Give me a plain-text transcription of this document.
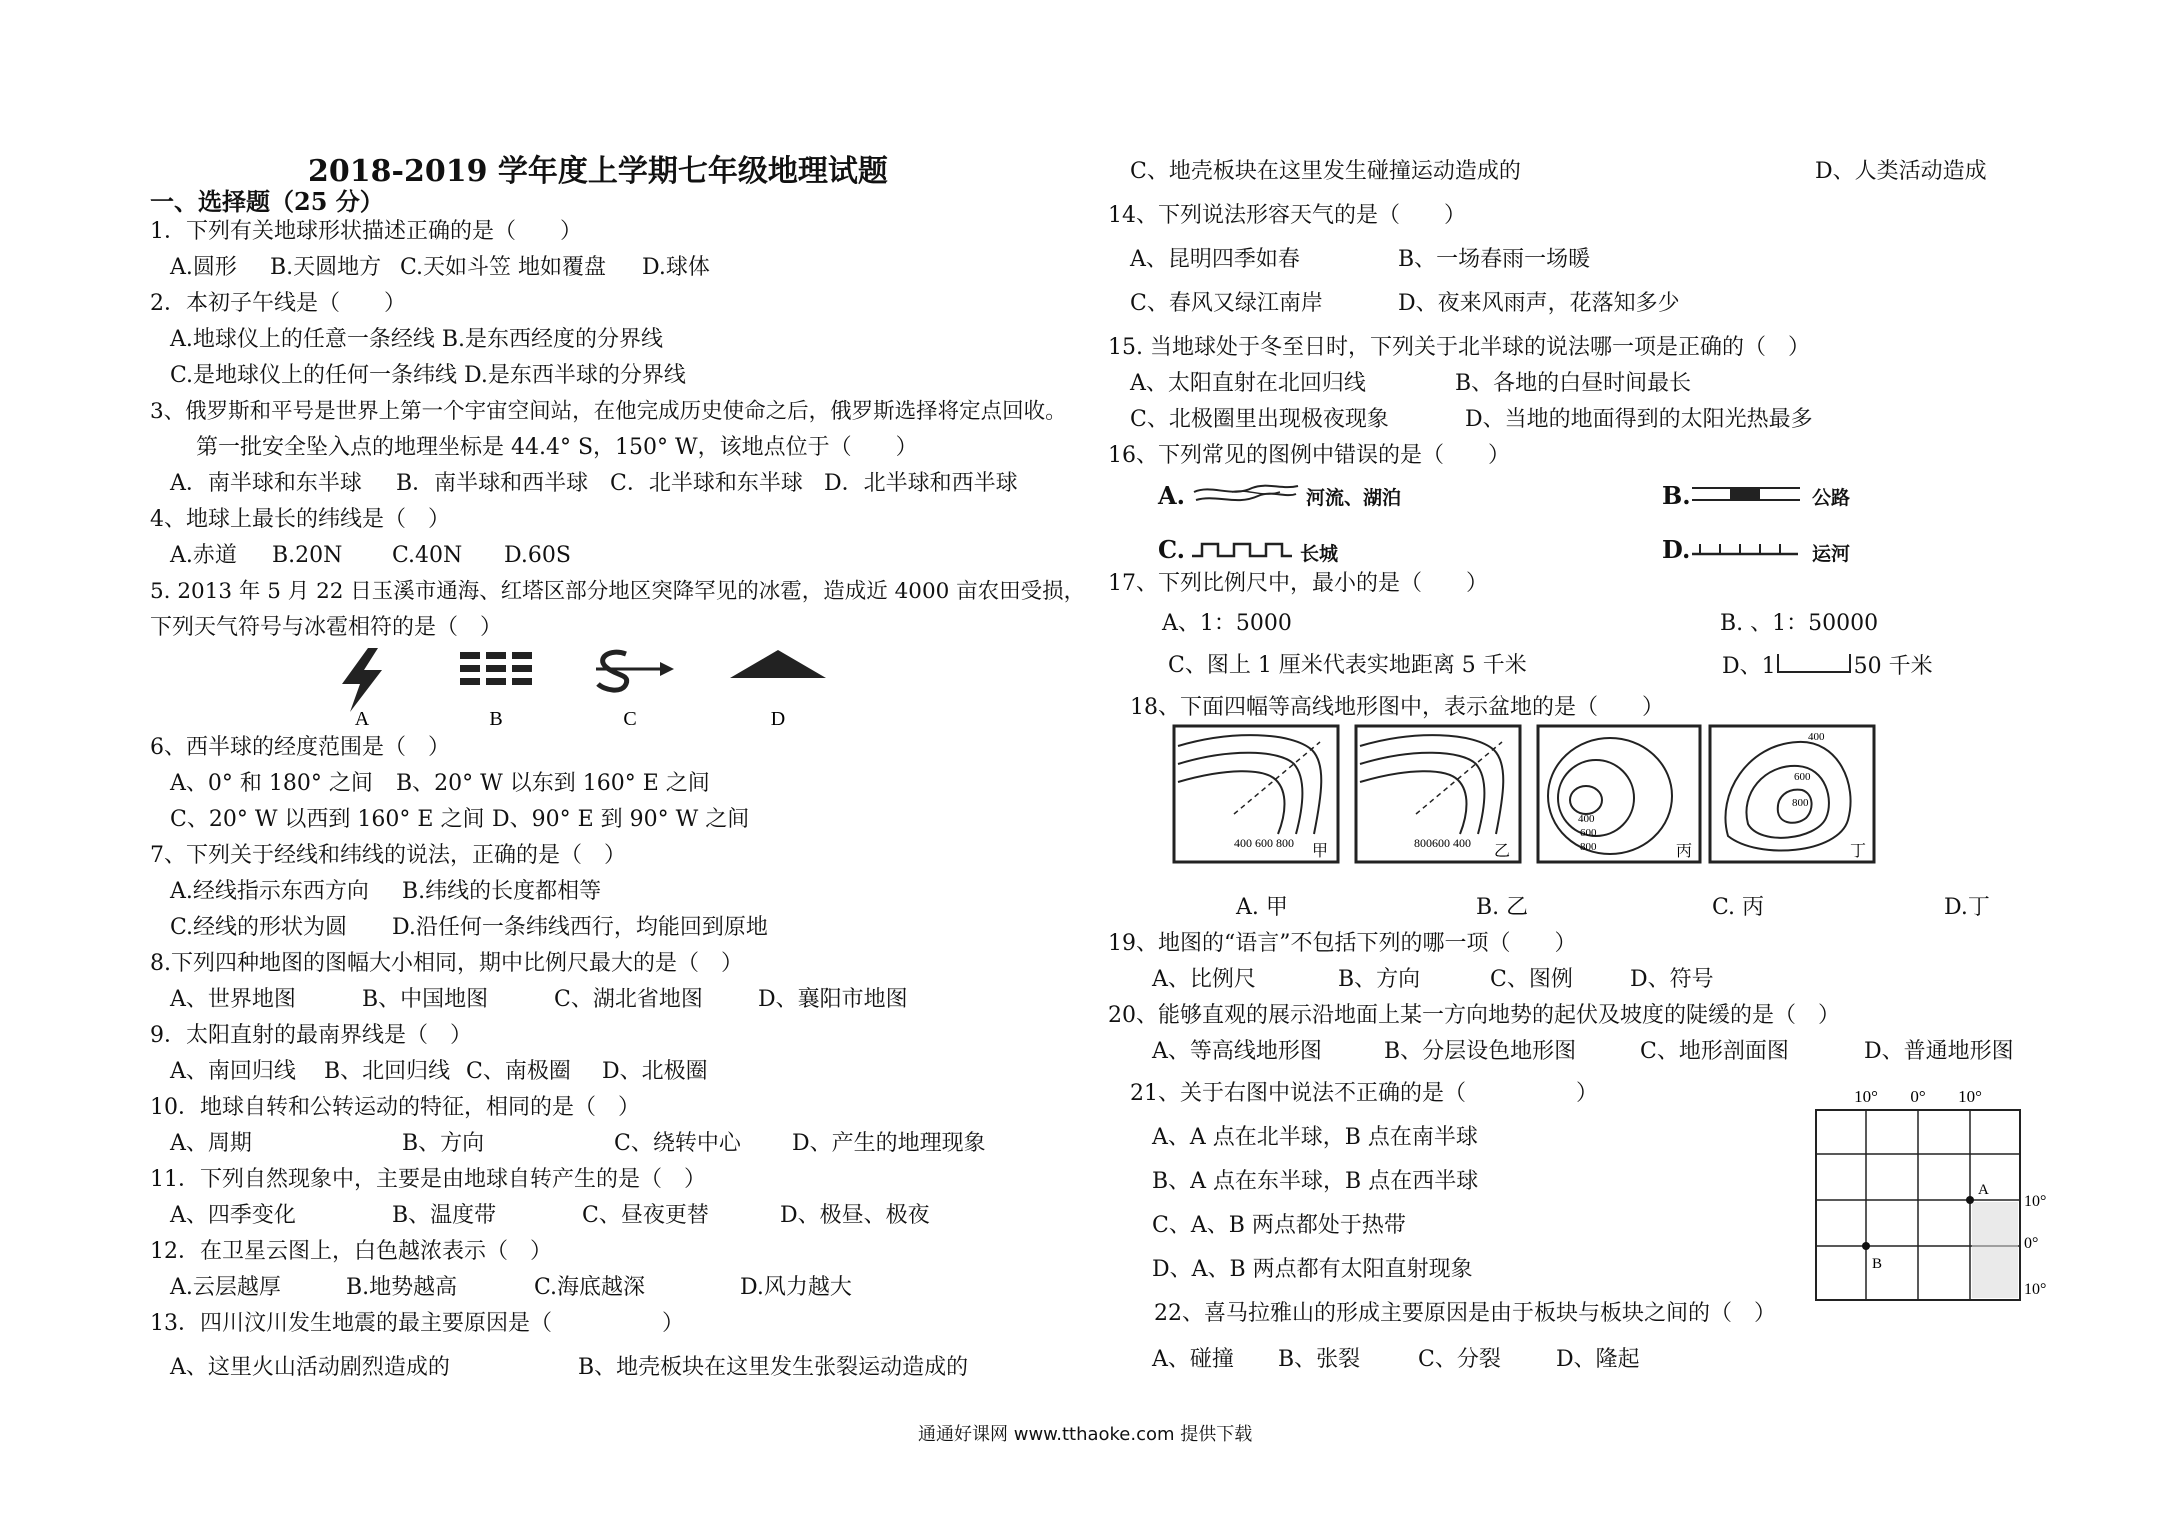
2018-2019 学年度上学期七年级地理试题
一、选择题（25 分）
1．下列有关地球形状描述正确的是（　　）
A.圆形 B.天圆地方 C.天如斗笠 地如覆盘 D.球体
2．本初子午线是（　　）
A.地球仪上的任意一条经线 B.是东西经度的分界线
C.是地球仪上的任何一条纬线 D.是东西半球的分界线
3、俄罗斯和平号是世界上第一个宇宙空间站，在他完成历史使命之后，俄罗斯选择将定点回收。
第一批安全坠入点的地理坐标是 44.4° S，150° W，该地点位于（　　）
A．南半球和东半球 B．南半球和西半球 C．北半球和东半球 D．北半球和西半球
4、地球上最长的纬线是（　）
A.赤道 B.20N C.40N D.60S
5. 2013 年 5 月 22 日玉溪市通海、红塔区部分地区突降罕见的冰雹，造成近 4000 亩农田受损，
下列天气符号与冰雹相符的是（　）
A	B	C	D
6、西半球的经度范围是（　）
A、0° 和 180° 之间 B、20° W 以东到 160° E 之间
C、20° W 以西到 160° E 之间 D、90° E 到 90° W 之间
7、下列关于经线和纬线的说法，正确的是（　）
A.经线指示东西方向 B.纬线的长度都相等
C.经线的形状为圆 D.沿任何一条纬线西行，均能回到原地
8.下列四种地图的图幅大小相同，期中比例尺最大的是（　）
A、世界地图	B、中国地图	C、湖北省地图	D、襄阳市地图
9．太阳直射的最南界线是（　）
A、南回归线 B、北回归线 C、南极圈 D、北极圈
10．地球自转和公转运动的特征，相同的是（　）
A、周期	B、方向	C、绕转中心 D、产生的地理现象
11．下列自然现象中，主要是由地球自转产生的是（　）
A、四季变化	B、温度带	C、昼夜更替	D、极昼、极夜
12．在卫星云图上，白色越浓表示（　）
A.云层越厚	B.地势越高	C.海底越深	D.风力越大
13．四川汶川发生地震的最主要原因是（　　　　　）
A、这里火山活动剧烈造成的	B、地壳板块在这里发生张裂运动造成的
C、地壳板块在这里发生碰撞运动造成的	D、人类活动造成
14、下列说法形容天气的是（　　）
A、昆明四季如春	B、一场春雨一场暖
C、春风又绿江南岸	D、夜来风雨声，花落知多少
15. 当地球处于冬至日时，下列关于北半球的说法哪一项是正确的（　）
A、太阳直射在北回归线	B、各地的白昼时间最长
C、北极圈里出现极夜现象	D、当地的地面得到的太阳光热最多
16、下列常见的图例中错误的是（　　）
A.	河流、湖泊	B.	公路
C.	长城	D.	运河
17、下列比例尺中，最小的是（　　）
A、1：5000	B. 、1：50000
C、图上 1 厘米代表实地距离 5 千米	D、1	50 千米
18、下面四幅等高线地形图中，表示盆地的是（　　）
400 600 800 甲	800600 400 乙
400
600
800	丙
400
600
800
丁
A. 甲	B. 乙	C. 丙	D.丁
19、地图的“语言”不包括下列的哪一项（　　）
A、比例尺	B、方向	C、图例	D、符号
20、能够直观的展示沿地面上某一方向地势的起伏及坡度的陡缓的是（　）
A、等高线地形图	B、分层设色地形图	C、地形剖面图	D、普通地形图
21、关于右图中说法不正确的是（　　　　　）
A、A 点在北半球，B 点在南半球
B、A 点在东半球，B 点在西半球
C、A、B 两点都处于热带
D、A、B 两点都有太阳直射现象
10° 0° 10°
A
B
10°
0°
10°
22、喜马拉雅山的形成主要原因是由于板块与板块之间的（　）
A、碰撞 B、张裂	C、分裂	D、隆起
通通好课网 www.tthaoke.com 提供下载
